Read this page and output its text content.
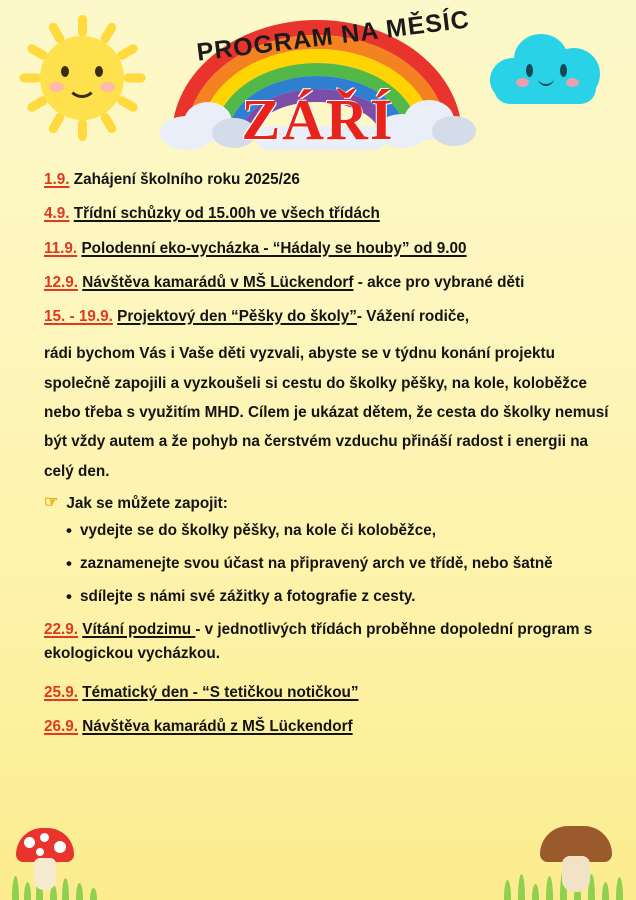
PROGRAM NA MĚSÍC
ZÁŘÍ

1.9. Zahájení školního roku 2025/26

4.9. Třídní schůzky od 15.00h ve všech třídách

11.9. Polodenní eko-vycházka - “Hádaly se houby” od 9.00

12.9. Návštěva kamarádů v MŠ Lückendorf - akce pro vybrané děti

15. - 19.9. Projektový den “Pěšky do školy”- Vážení rodiče,

rádi bychom Vás i Vaše děti vyzvali, abyste se v týdnu konání projektu společně zapojili a vyzkoušeli si cestu do školky pěšky, na kole, koloběžce nebo třeba s využitím MHD. Cílem je ukázat dětem, že cesta do školky nemusí být vždy autem a že pohyb na čerstvém vzduchu přináší radost i energii na celý den.

☞ Jak se můžete zapojit:
• vydejte se do školky pěšky, na kole či koloběžce,
• zaznamenejte svou účast na připravený arch ve třídě, nebo šatně
• sdílejte s námi své zážitky a fotografie z cesty.

22.9. Vítání podzimu - v jednotlivých třídách proběhne dopolední program s ekologickou vycházkou.

25.9. Tématický den - “S tetičkou notičkou”

26.9. Návštěva kamarádů z MŠ Lückendorf
